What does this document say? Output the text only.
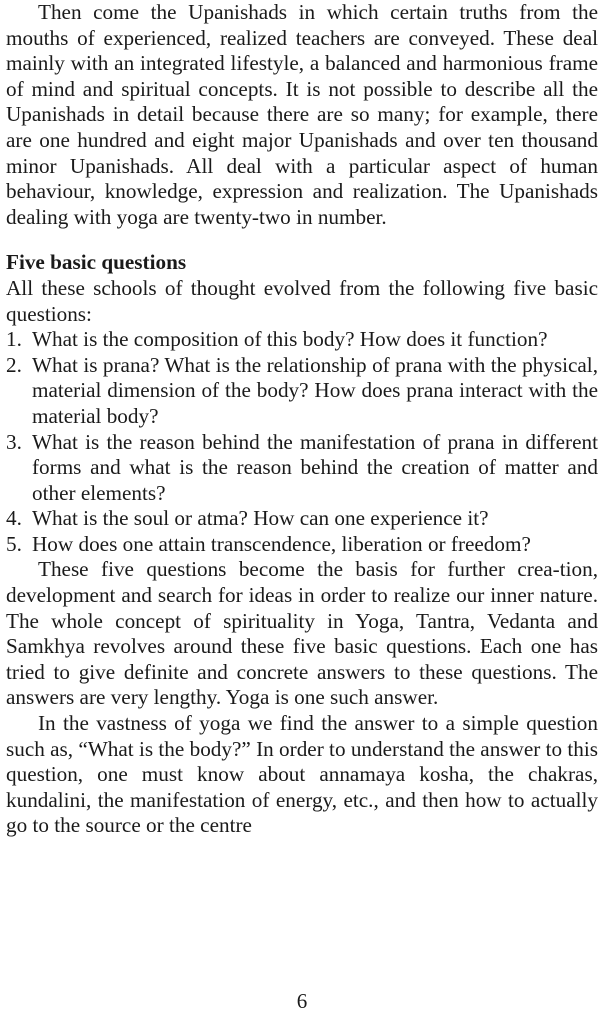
Then come the Upanishads in which certain truths from the mouths of experienced, realized teachers are conveyed. These deal mainly with an integrated lifestyle, a balanced and harmonious frame of mind and spiritual concepts. It is not possible to describe all the Upanishads in detail because there are so many; for example, there are one hundred and eight major Upanishads and over ten thousand minor Upanishads. All deal with a particular aspect of human behaviour, knowledge, expression and realization. The Upanishads dealing with yoga are twenty-two in number.

Five basic questions

All these schools of thought evolved from the following five basic questions:

1. What is the composition of this body? How does it function?
2. What is prana? What is the relationship of prana with the physical, material dimension of the body? How does prana interact with the material body?
3. What is the reason behind the manifestation of prana in different forms and what is the reason behind the creation of matter and other elements?
4. What is the soul or atma? How can one experience it?
5. How does one attain transcendence, liberation or freedom?

These five questions become the basis for further crea-tion, development and search for ideas in order to realize our inner nature. The whole concept of spirituality in Yoga, Tantra, Vedanta and Samkhya revolves around these five basic questions. Each one has tried to give definite and concrete answers to these questions. The answers are very lengthy. Yoga is one such answer.

In the vastness of yoga we find the answer to a simple question such as, “What is the body?” In order to understand the answer to this question, one must know about annamaya kosha, the chakras, kundalini, the manifestation of energy, etc., and then how to actually go to the source or the centre

6
